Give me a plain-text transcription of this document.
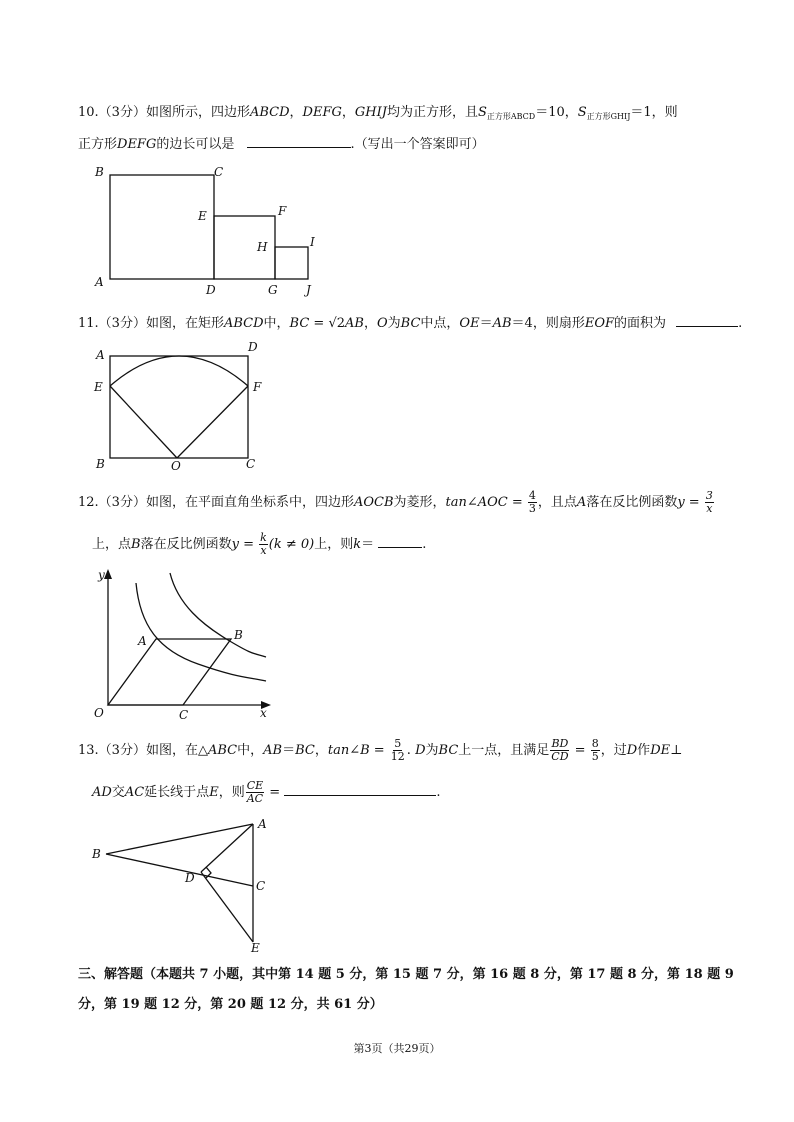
10.（3分）如图所示，四边形ABCD，DEFG，GHIJ均为正方形，且$S_{正方形ABCD}=10$，$S_{正方形GHIJ}=1$，则
正方形DEFG的边长可以是	.（写出一个答案即可）
B	C
E	F
H	I
A
D	G J
11.（3分）如图，在矩形ABCD中，BC = √2AB，O为BC中点，OE＝AB＝4，则扇形EOF的面积为	.
A
D
E	F
B	O	C
12.（3分）如图，在平面直角坐标系中，四边形AOCB为菱形，tan∠AOC = $\frac{4}{3}$ ，且点A落在反比例函数$y = \frac{3}{x}$
上，点B落在反比例函数$y = \frac{k}{x} (k \ne 0)$上，则k＝	.
y
A	B
O	C	x
13.（3分）如图，在△ABC中，AB＝BC，tan∠B = $\frac{5}{12}$ . D为BC上一点，且满足 $\frac{BD}{CD} = \frac{8}{5}$ ，过D作DE⊥
AD交AC延长线于点E，则 $\frac{CE}{AC}$ =	.
A
B
D
C
E
三、解答题（本题共 7 小题，其中第 14 题 5 分，第 15 题 7 分，第 16 题 8 分，第 17 题 8 分，第 18 题 9
分，第 19 题 12 分，第 20 题 12 分，共 61 分）
第3页（共29页）
